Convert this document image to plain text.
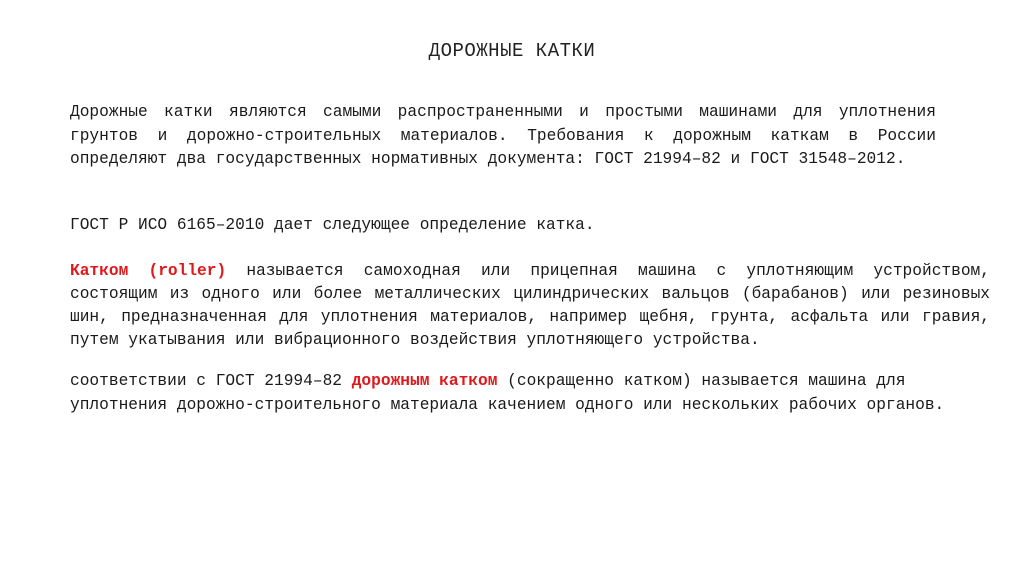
ДОРОЖНЫЕ КАТКИ
Дорожные катки являются самыми распространенными и простыми машинами для уплотнения грунтов и дорожно-строительных материалов. Требования к дорожным каткам в России определяют два государственных нормативных документа: ГОСТ 21994–82 и ГОСТ 31548–2012.
ГОСТ Р ИСО 6165–2010 дает следующее определение катка.
Катком (roller) называется самоходная или прицепная машина с уплотняющим устройством, состоящим из одного или более металлических цилиндрических вальцов (барабанов) или резиновых шин, предназначенная для уплотнения материалов, например щебня, грунта, асфальта или гравия, путем укатывания или вибрационного воздействия уплотняющего устройства.
соответствии с ГОСТ 21994–82 дорожным катком (сокращенно катком) называется машина для уплотнения дорожно-строительного материала качением одного или нескольких рабочих органов.
